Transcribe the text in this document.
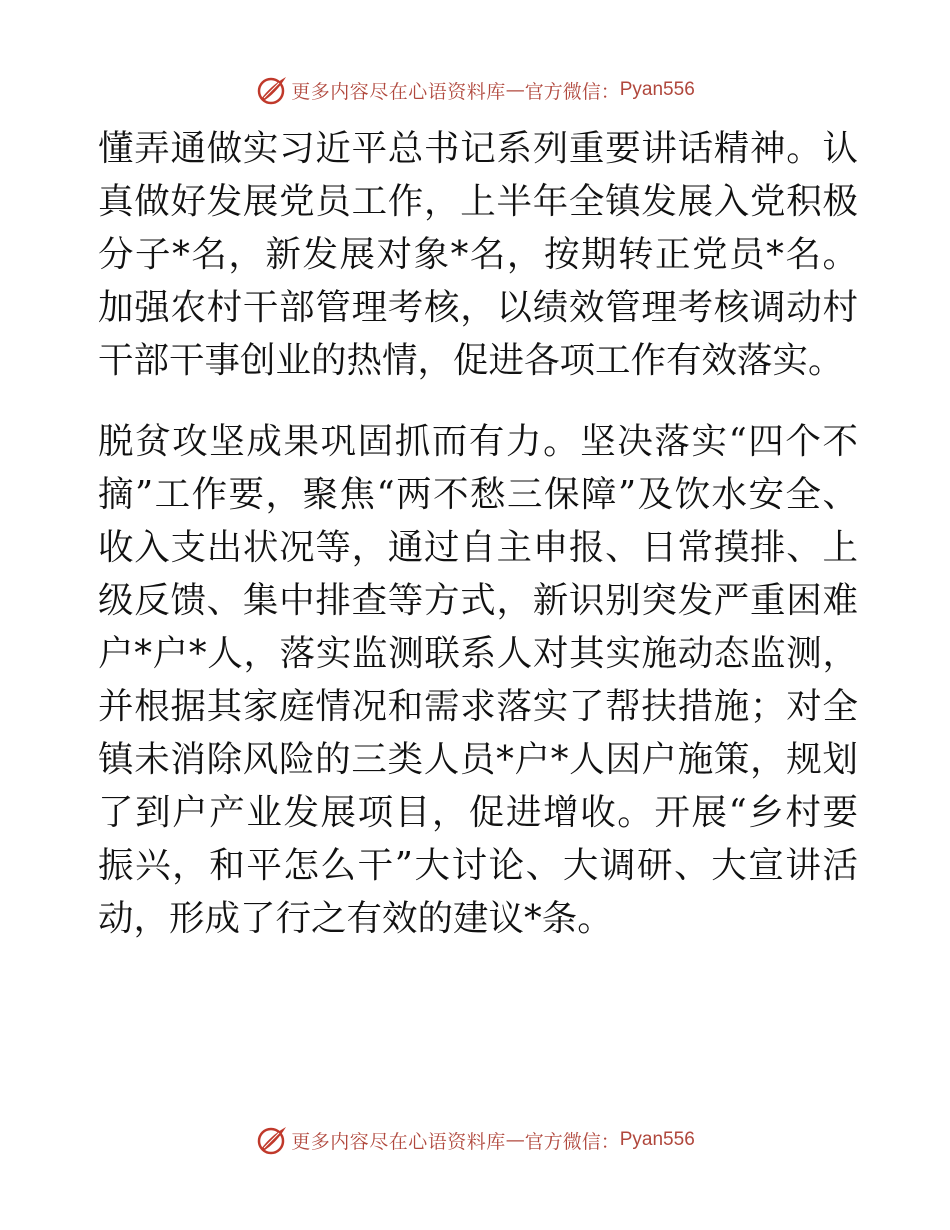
更多内容尽在心语资料库 — 官方微信： Pyan556

懂弄通做实习近平总书记系列重要讲话精神。认真做好发展党员工作，上半年全镇发展入党积极分子*名，新发展对象*名，按期转正党员*名。加强农村干部管理考核，以绩效管理考核调动村干部干事创业的热情，促进各项工作有效落实。

脱贫攻坚成果巩固抓而有力。坚决落实“四个不摘”工作要，聚焦“两不愁三保障”及饮水安全、收入支出状况等，通过自主申报、日常摸排、上级反馈、集中排查等方式，新识别突发严重困难户*户*人，落实监测联系人对其实施动态监测，并根据其家庭情况和需求落实了帮扶措施；对全镇未消除风险的三类人员*户*人因户施策，规划了到户产业发展项目，促进增收。开展“乡村要振兴，和平怎么干”大讨论、大调研、大宣讲活动，形成了行之有效的建议*条。

更多内容尽在心语资料库 — 官方微信： Pyan556
